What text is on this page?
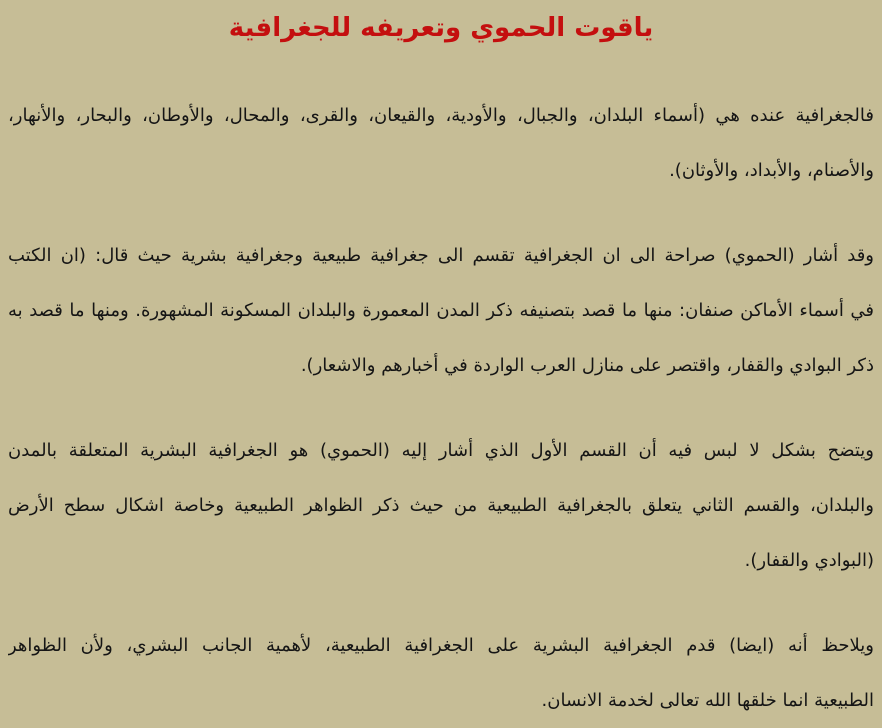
ياقوت الحموي وتعريفه للجغرافية
فالجغرافية عنده هي (أسماء البلدان، والجبال، والأودية، والقيعان، والقرى، والمحال، والأوطان، والبحار، والأنهار،
والأصنام، والأبداد، والأوثان).
وقد أشار (الحموي) صراحة الى ان الجغرافية تقسم الى جغرافية طبيعية وجغرافية بشرية حيث قال: (ان الكتب
في أسماء الأماكن صنفان: منها ما قصد بتصنيفه ذكر المدن المعمورة والبلدان المسكونة المشهورة. ومنها ما قصد به
ذكر البوادي والقفار، واقتصر على منازل العرب الواردة في أخبارهم والاشعار).
ويتضح بشكل لا لبس فيه أن القسم الأول الذي أشار إليه (الحموي) هو الجغرافية البشرية المتعلقة بالمدن
والبلدان، والقسم الثاني يتعلق بالجغرافية الطبيعية من حيث ذكر الظواهر الطبيعية وخاصة اشكال سطح الأرض
(البوادي والقفار).
ويلاحظ أنه (ايضا) قدم الجغرافية البشرية على الجغرافية الطبيعية، لأهمية الجانب البشري، ولأن الظواهر
الطبيعية انما خلقها الله تعالى لخدمة الانسان.
